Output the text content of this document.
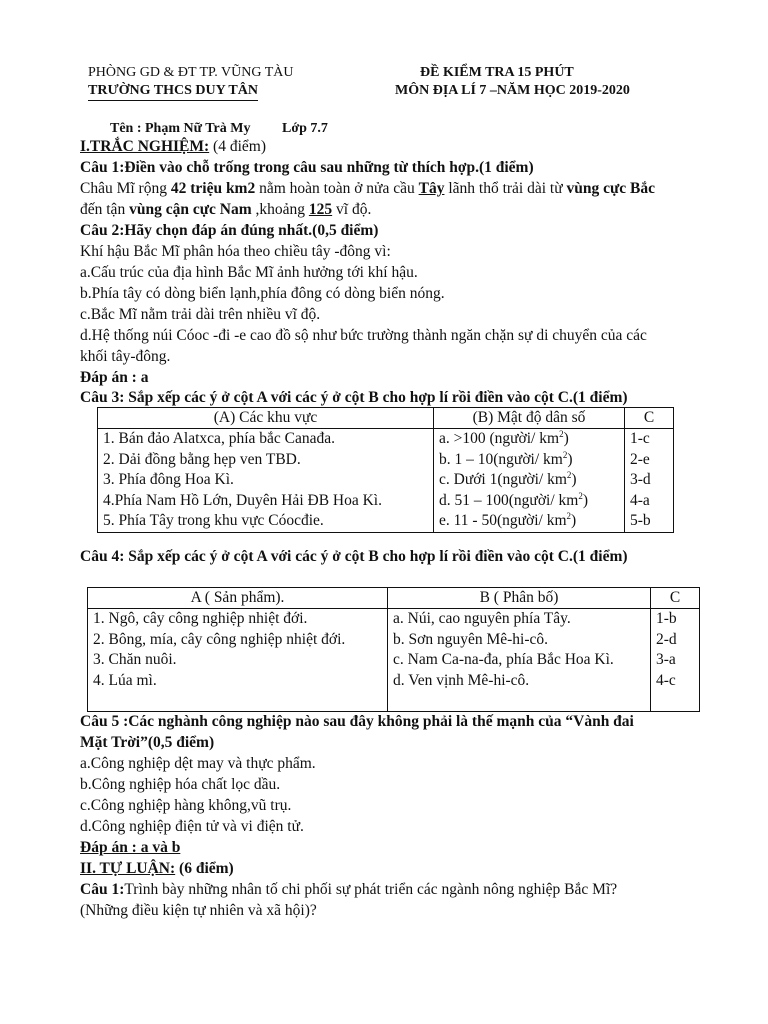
PHÒNG GD & ĐT TP. VŨNG TÀU
TRƯỜNG THCS DUY TÂN
ĐỀ KIỂM TRA 15 PHÚT
MÔN ĐỊA LÍ 7 –NĂM HỌC 2019-2020
Tên : Phạm Nữ Trà My Lớp 7.7
I.TRẮC NGHIỆM: (4 điểm)
Câu 1:Điền vào chỗ trống trong câu sau những từ thích hợp.(1 điểm)
Châu Mĩ rộng 42 triệu km2 nằm hoàn toàn ở nửa cầu Tây lãnh thổ trải dài từ vùng cực Bắc
đến tận vùng cận cực Nam ,khoảng 125 vĩ độ.
Câu 2:Hãy chọn đáp án đúng nhất.(0,5 điểm)
Khí hậu Bắc Mĩ phân hóa theo chiều tây -đông vì:
a.Cấu trúc của địa hình Bắc Mĩ ảnh hưởng tới khí hậu.
b.Phía tây có dòng biển lạnh,phía đông có dòng biển nóng.
c.Bắc Mĩ nằm trải dài trên nhiều vĩ độ.
d.Hệ thống núi Cóoc -đi -e cao đồ sộ như bức trường thành ngăn chặn sự di chuyển của các
khối tây-đông.
Đáp án : a
Câu 3: Sắp xếp các ý ở cột A với các ý ở cột B cho hợp lí rồi điền vào cột C.(1 điểm)
(A) Các khu vực	(B) Mật độ dân số	C
1. Bán đảo Alatxca, phía bắc Canađa.	a. >100 (người/ $km^2$)	1-c
2. Dải đồng bằng hẹp ven TBD.	b. 1 – 10(người/ $km^2$)	2-e
3. Phía đông Hoa Kì.	c. Dưới 1(người/ $km^2$)	3-d
4.Phía Nam Hồ Lớn, Duyên Hải ĐB Hoa Kì.	d. 51 – 100(người/ $km^2$)	4-a
5. Phía Tây trong khu vực Cóocđie.	e. 11 - 50(người/ $km^2$)	5-b
Câu 4: Sắp xếp các ý ở cột A với các ý ở cột B cho hợp lí rồi điền vào cột C.(1 điểm)
A ( Sản phẩm).	B ( Phân bố)	C
1. Ngô, cây công nghiệp nhiệt đới.	a. Núi, cao nguyên phía Tây.	1-b
2. Bông, mía, cây công nghiệp nhiệt đới.	b. Sơn nguyên Mê-hi-cô.	2-d
3. Chăn nuôi.	c. Nam Ca-na-đa, phía Bắc Hoa Kì.	3-a
4. Lúa mì.	d. Ven vịnh Mê-hi-cô.	4-c
Câu 5 :Các nghành công nghiệp nào sau đây không phải là thế mạnh của “Vành đai
Mặt Trời”(0,5 điểm)
a.Công nghiệp dệt may và thực phẩm.
b.Công nghiệp hóa chất lọc dầu.
c.Công nghiệp hàng không,vũ trụ.
d.Công nghiệp điện tử và vi điện tử.
Đáp án : a và b
II. TỰ LUẬN: (6 điểm)
Câu 1:Trình bày những nhân tố chi phối sự phát triển các ngành nông nghiệp Bắc Mĩ?
(Những điều kiện tự nhiên và xã hội)?
